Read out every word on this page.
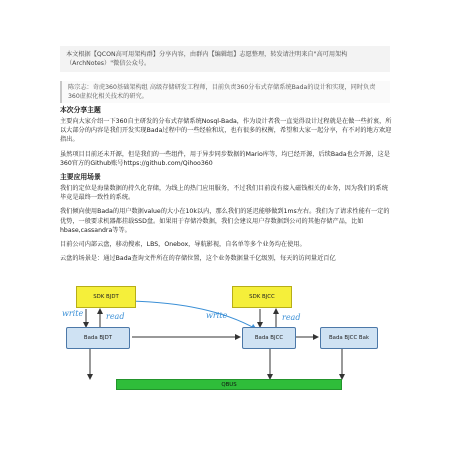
本文根据【QCON高可用架构群】分享内容，由群内【编辑组】志愿整理，转发请注明来自"高可用架构（ArchNotes）"微信公众号。
陈宗志：奇虎360基础架构组 高级存储研发工程师，目前负责360分布式存储系统Bada的设计和实现，同时负责360虚拟化相关技术的研究。
本次分享主题

主要向大家介绍一下360自主研发的分布式存储系统Nosql-Bada，作为设计者我一直觉得设计过程就是在做一些折衷，所以大部分的内容是我们开发实现Bada过程中的一些经验和坑，也有很多的权衡，希望和大家一起分享，有不对的地方欢迎指出。

虽然项目目前还未开源，但是我们的一些组件，用于异步同步数据的Mario库等，均已经开源，后续Bada也会开源，这是360官方的Github账号https://github.com/Qihoo360

主要应用场景

我们的定位是海量数据的持久化存储，为线上的热门应用服务，不过我们目前没有接入磁钱相关的业务，因为我们的系统毕竟是最终一致性的系统。

我们倾向使用Bada的用户数据value的大小在10k以内，那么我们的延迟能够做到1ms左右。我们为了请求性能有一定的优势，一般要求机器都挂载SSD盘。如果用于存储冷数据，我们会建议用户存数据到公司的其他存储产品，比如hbase,cassandra等等。

目前公司内部云盘，移动搜索，LBS，Onebox，导航影视，自名单等多个业务均在使用。

云盘的场景是：通过Bada查询文件所在的存储位置，这个业务数据量千亿级别，每天的访问量近百亿

SDK BJDT	SDK BJCC
write	read	write	read
Bada BJDT	Bada BJCC	Bada BJCC Bak
QBUS
